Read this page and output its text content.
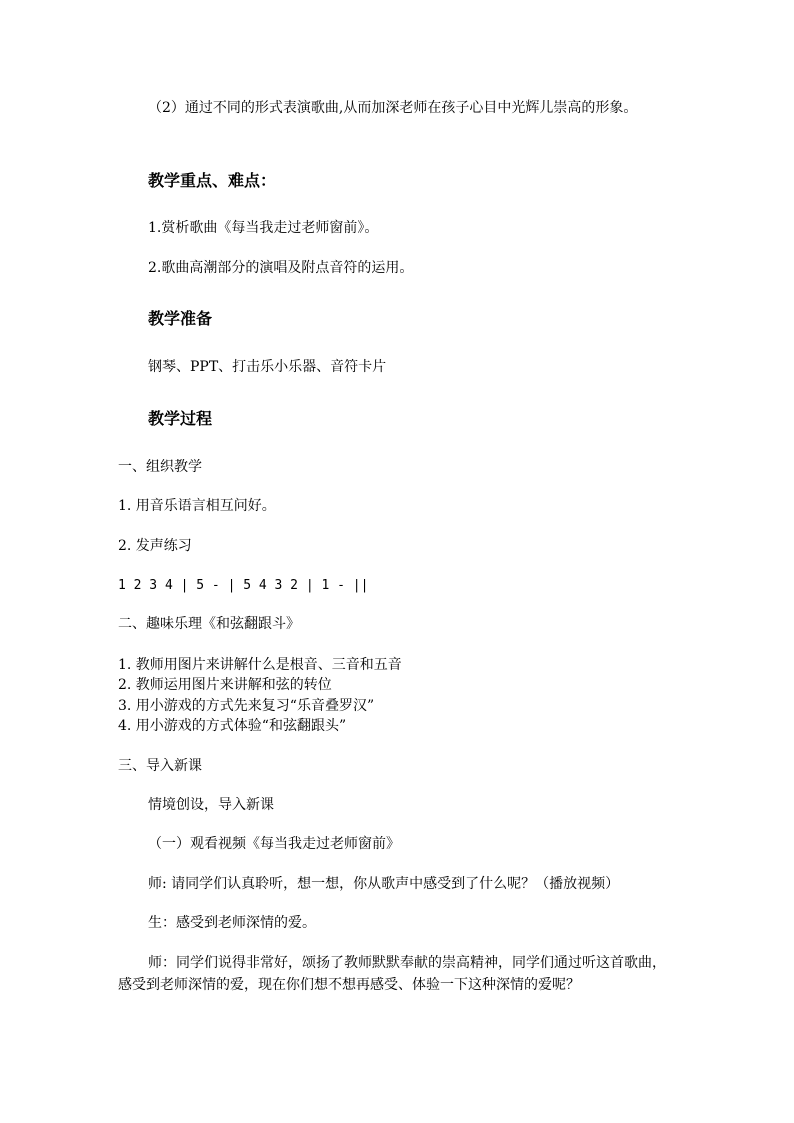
（2）通过不同的形式表演歌曲,从而加深老师在孩子心目中光辉儿崇高的形象。
教学重点、难点：
1.赏析歌曲《每当我走过老师窗前》。
2.歌曲高潮部分的演唱及附点音符的运用。
教学准备
钢琴、PPT、打击乐小乐器、音符卡片
教学过程
一、组织教学
1. 用音乐语言相互问好。
2. 发声练习
1 2 3 4 | 5 - | 5 4 3 2 | 1 - ||
二、趣味乐理《和弦翻跟斗》
1. 教师用图片来讲解什么是根音、三音和五音
2. 教师运用图片来讲解和弦的转位
3. 用小游戏的方式先来复习“乐音叠罗汉”
4. 用小游戏的方式体验“和弦翻跟头”
三、导入新课
情境创设，导入新课
（一）观看视频《每当我走过老师窗前》
师: 请同学们认真聆听，想一想，你从歌声中感受到了什么呢？（播放视频）
生：感受到老师深情的爱。
师：同学们说得非常好，颂扬了教师默默奉献的崇高精神，同学们通过听这首歌曲，感受到老师深情的爱，现在你们想不想再感受、体验一下这种深情的爱呢？
